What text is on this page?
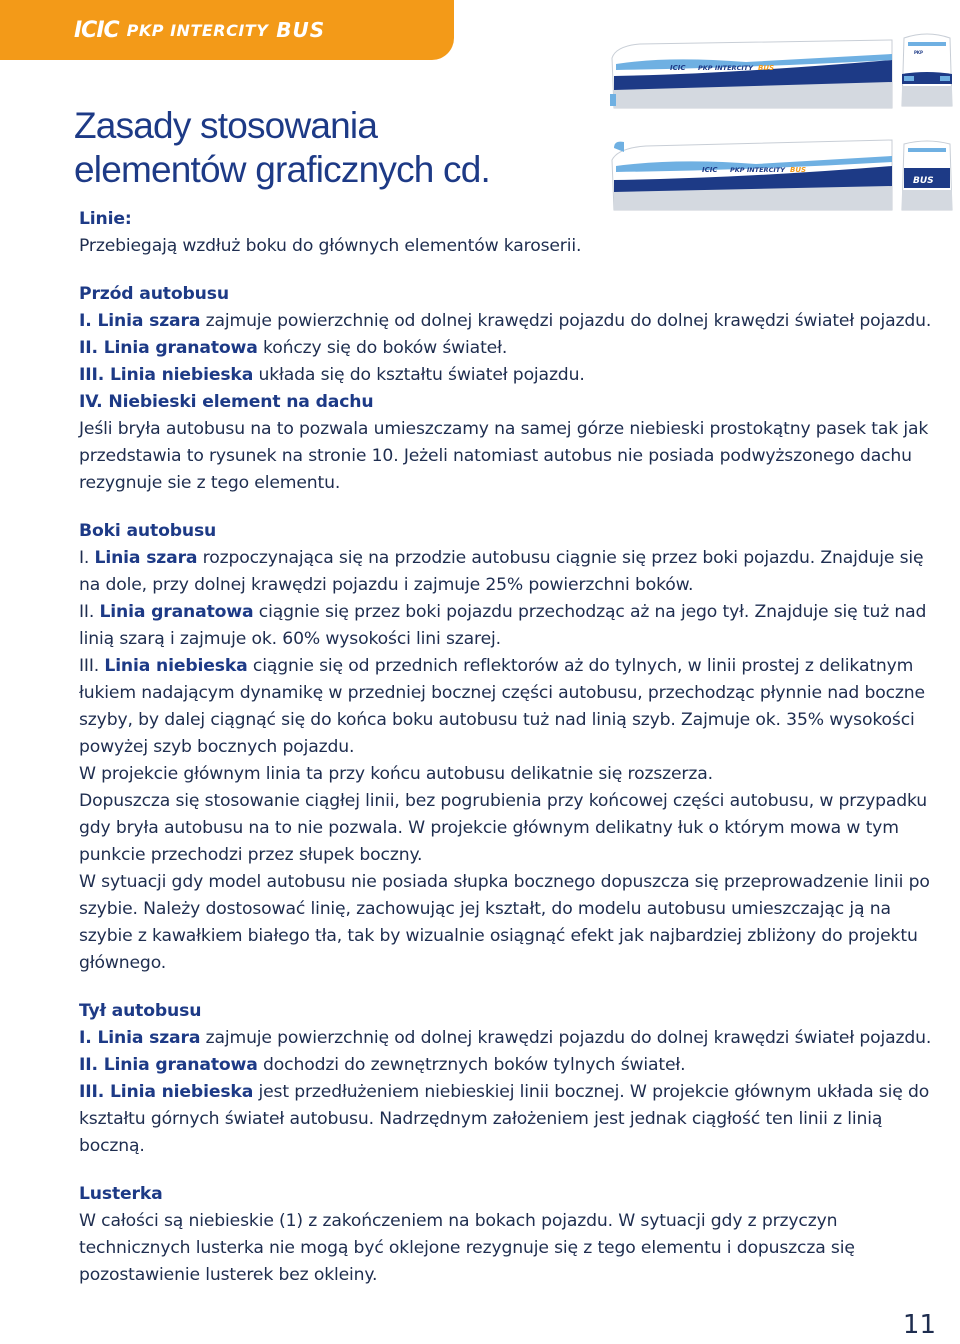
ICIC PKP INTERCITY BUS
ICIC PKP INTERCITY BUS
ICIC PKP INTERCITY BUS
PKP
BUS
Zasady stosowania
elementów graficznych cd.

Linie:

Przebiegają wzdłuż boku do głównych elementów karoserii.

Przód autobusu

I. Linia szara zajmuje powierzchnię od dolnej krawędzi pojazdu do dolnej krawędzi świateł pojazdu.

II. Linia granatowa kończy się do boków świateł.

III. Linia niebieska układa się do kształtu świateł pojazdu.

IV. Niebieski element na dachu

Jeśli bryła autobusu na to pozwala umieszczamy na samej górze niebieski prostokątny pasek tak jak przedstawia to rysunek na stronie 10. Jeżeli natomiast autobus nie posiada podwyższonego dachu rezygnuje sie z tego elementu.

Boki autobusu

I. Linia szara rozpoczynająca się na przodzie autobusu ciągnie się przez boki pojazdu. Znajduje się na dole, przy dolnej krawędzi pojazdu i zajmuje 25% powierzchni boków.

II. Linia granatowa ciągnie się przez boki pojazdu przechodząc aż na jego tył. Znajduje się tuż nad linią szarą i zajmuje ok. 60% wysokości lini szarej.

III. Linia niebieska ciągnie się od przednich reflektorów aż do tylnych, w linii prostej z delikatnym łukiem nadającym dynamikę w przedniej bocznej części autobusu, przechodząc płynnie nad boczne szyby, by dalej ciągnąć się do końca boku autobusu tuż nad linią szyb. Zajmuje ok. 35% wysokości powyżej szyb bocznych pojazdu.

W projekcie głównym linia ta przy końcu autobusu delikatnie się rozszerza.

Dopuszcza się stosowanie ciągłej linii, bez pogrubienia przy końcowej części autobusu, w przypadku gdy bryła autobusu na to nie pozwala. W projekcie głównym delikatny łuk o którym mowa w tym punkcie przechodzi przez słupek boczny.

W sytuacji gdy model autobusu nie posiada słupka bocznego dopuszcza się przeprowadzenie linii po szybie. Należy dostosować linię, zachowując jej kształt, do modelu autobusu umieszczając ją na szybie z kawałkiem białego tła, tak by wizualnie osiągnąć efekt jak najbardziej zbliżony do projektu głównego.

Tył autobusu

I. Linia szara zajmuje powierzchnię od dolnej krawędzi pojazdu do dolnej krawędzi świateł pojazdu.

II. Linia granatowa dochodzi do zewnętrznych boków tylnych świateł.

III. Linia niebieska jest przedłużeniem niebieskiej linii bocznej. W projekcie głównym układa się do kształtu górnych świateł autobusu. Nadrzędnym założeniem jest jednak ciągłość ten linii z linią boczną.

Lusterka

W całości są niebieskie (1) z zakończeniem na bokach pojazdu. W sytuacji gdy z przyczyn technicznych lusterka nie mogą być oklejone rezygnuje się z tego elementu i dopuszcza się pozostawienie lusterek bez okleiny.

11
